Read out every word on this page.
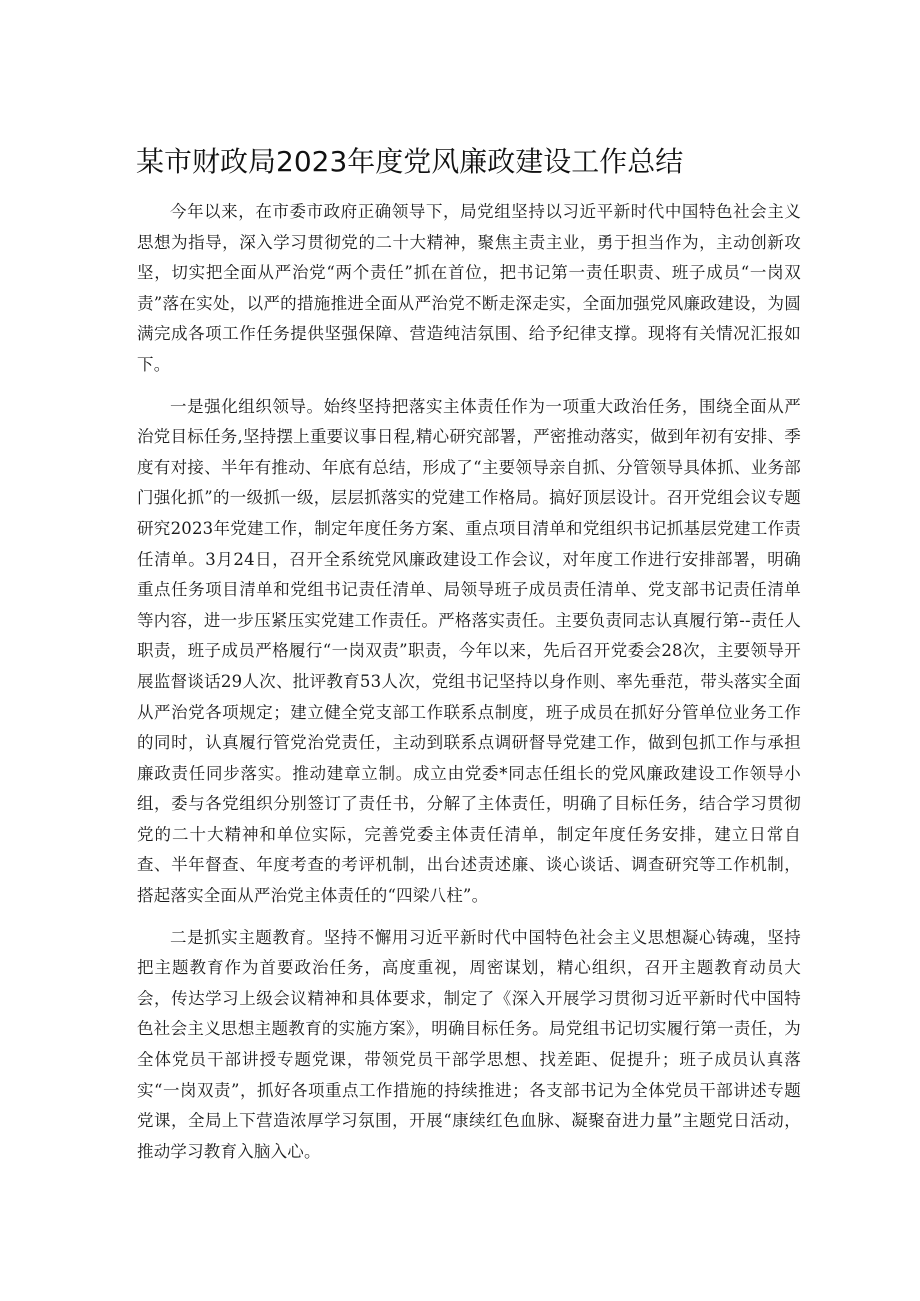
某市财政局2023年度党风廉政建设工作总结

今年以来，在市委市政府正确领导下，局党组坚持以习近平新时代中国特色社会主义思想为指导，深入学习贯彻党的二十大精神，聚焦主责主业，勇于担当作为，主动创新攻坚，切实把全面从严治党“两个责任”抓在首位，把书记第一责任职责、班子成员“一岗双责”落在实处，以严的措施推进全面从严治党不断走深走实，全面加强党风廉政建设，为圆满完成各项工作任务提供坚强保障、营造纯洁氛围、给予纪律支撑。现将有关情况汇报如下。

一是强化组织领导。始终坚持把落实主体责任作为一项重大政治任务，围绕全面从严治党目标任务,坚持摆上重要议事日程,精心研究部署，严密推动落实，做到年初有安排、季度有对接、半年有推动、年底有总结，形成了“主要领导亲自抓、分管领导具体抓、业务部门强化抓”的一级抓一级，层层抓落实的党建工作格局。搞好顶层设计。召开党组会议专题研究2023年党建工作，制定年度任务方案、重点项目清单和党组织书记抓基层党建工作责任清单。3月24日，召开全系统党风廉政建设工作会议，对年度工作进行安排部署，明确重点任务项目清单和党组书记责任清单、局领导班子成员责任清单、党支部书记责任清单等内容，进一步压紧压实党建工作责任。严格落实责任。主要负责同志认真履行第--责任人职责，班子成员严格履行“一岗双责”职责，今年以来，先后召开党委会28次，主要领导开展监督谈话29人次、批评教育53人次，党组书记坚持以身作则、率先垂范，带头落实全面从严治党各项规定；建立健全党支部工作联系点制度，班子成员在抓好分管单位业务工作的同时，认真履行管党治党责任，主动到联系点调研督导党建工作，做到包抓工作与承担廉政责任同步落实。推动建章立制。成立由党委*同志任组长的党风廉政建设工作领导小组，委与各党组织分别签订了责任书，分解了主体责任，明确了目标任务，结合学习贯彻党的二十大精神和单位实际，完善党委主体责任清单，制定年度任务安排，建立日常自查、半年督查、年度考查的考评机制，出台述责述廉、谈心谈话、调查研究等工作机制，搭起落实全面从严治党主体责任的“四梁八柱”。

二是抓实主题教育。坚持不懈用习近平新时代中国特色社会主义思想凝心铸魂，坚持把主题教育作为首要政治任务，高度重视，周密谋划，精心组织，召开主题教育动员大会，传达学习上级会议精神和具体要求，制定了《深入开展学习贯彻习近平新时代中国特色社会主义思想主题教育的实施方案》，明确目标任务。局党组书记切实履行第一责任，为全体党员干部讲授专题党课，带领党员干部学思想、找差距、促提升；班子成员认真落实“一岗双责”，抓好各项重点工作措施的持续推进；各支部书记为全体党员干部讲述专题党课，全局上下营造浓厚学习氛围，开展“康续红色血脉、凝聚奋进力量”主题党日活动，推动学习教育入脑入心。
